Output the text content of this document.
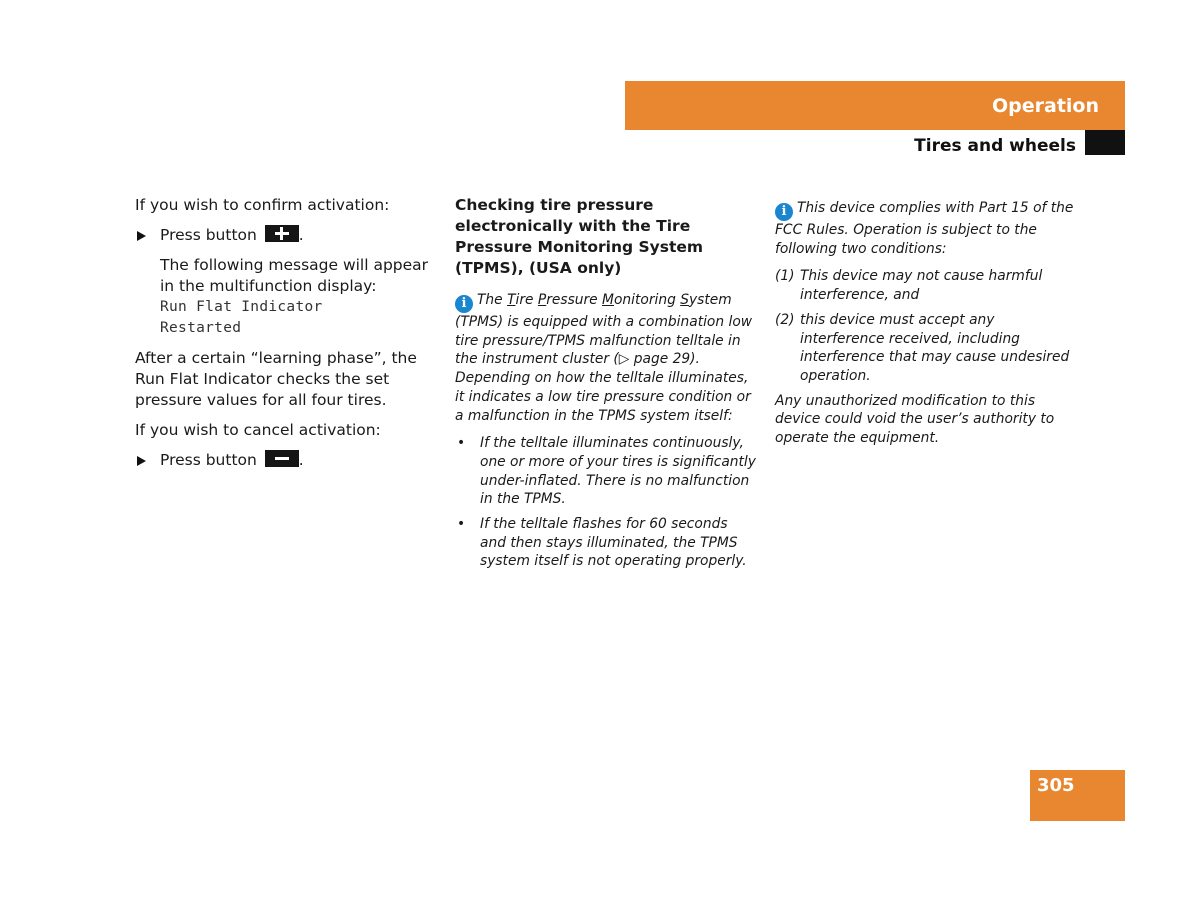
Operation
Tires and wheels

If you wish to confirm activation:

Press button	.
The following message will appear in the multifunction display:
Run Flat Indicator
Restarted

After a certain “learning phase”, the Run Flat Indicator checks the set pressure values for all four tires.

If you wish to cancel activation:

Press button	.

Checking tire pressure electronically with the Tire Pressure Monitoring System (TPMS), (USA only)

i The Tire Pressure Monitoring System (TPMS) is equipped with a combination low tire pressure/TPMS malfunction telltale in the instrument cluster (▷ page 29). Depending on how the telltale illuminates, it indicates a low tire pressure condition or a malfunction in the TPMS system itself:

• If the telltale illuminates continuously, one or more of your tires is significantly under-inflated. There is no malfunction in the TPMS.
• If the telltale flashes for 60 seconds and then stays illuminated, the TPMS system itself is not operating properly.

i This device complies with Part 15 of the FCC Rules. Operation is subject to the following two conditions:

(1) This device may not cause harmful interference, and
(2) this device must accept any interference received, including interference that may cause undesired operation.

Any unauthorized modification to this device could void the user’s authority to operate the equipment.

305
